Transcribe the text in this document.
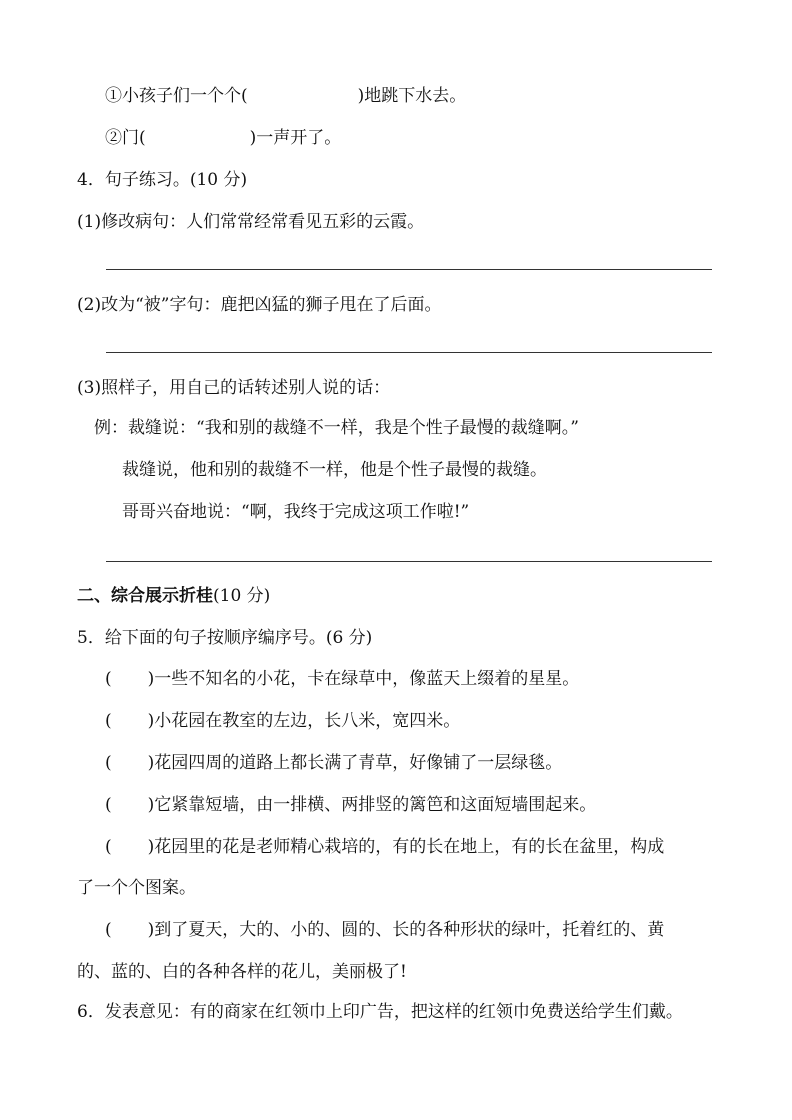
①小孩子们一个个(	)地跳下水去。
②门(	)一声开了。
4．句子练习。(10 分)
(1)修改病句：人们常常经常看见五彩的云霞。
(2)改为“被”字句：鹿把凶猛的狮子甩在了后面。
(3)照样子，用自己的话转述别人说的话：
例：裁缝说：“我和别的裁缝不一样，我是个性子最慢的裁缝啊。”
裁缝说，他和别的裁缝不一样，他是个性子最慢的裁缝。
哥哥兴奋地说：“啊，我终于完成这项工作啦!”
二、综合展示折桂(10 分)
5．给下面的句子按顺序编序号。(6 分)
( )一些不知名的小花，卡在绿草中，像蓝天上缀着的星星。
( )小花园在教室的左边，长八米，宽四米。
( )花园四周的道路上都长满了青草，好像铺了一层绿毯。
( )它紧靠短墙，由一排横、两排竖的篱笆和这面短墙围起来。
( )花园里的花是老师精心栽培的，有的长在地上，有的长在盆里，构成
了一个个图案。
( )到了夏天，大的、小的、圆的、长的各种形状的绿叶，托着红的、黄
的、蓝的、白的各种各样的花儿，美丽极了!
6．发表意见：有的商家在红领巾上印广告，把这样的红领巾免费送给学生们戴。
